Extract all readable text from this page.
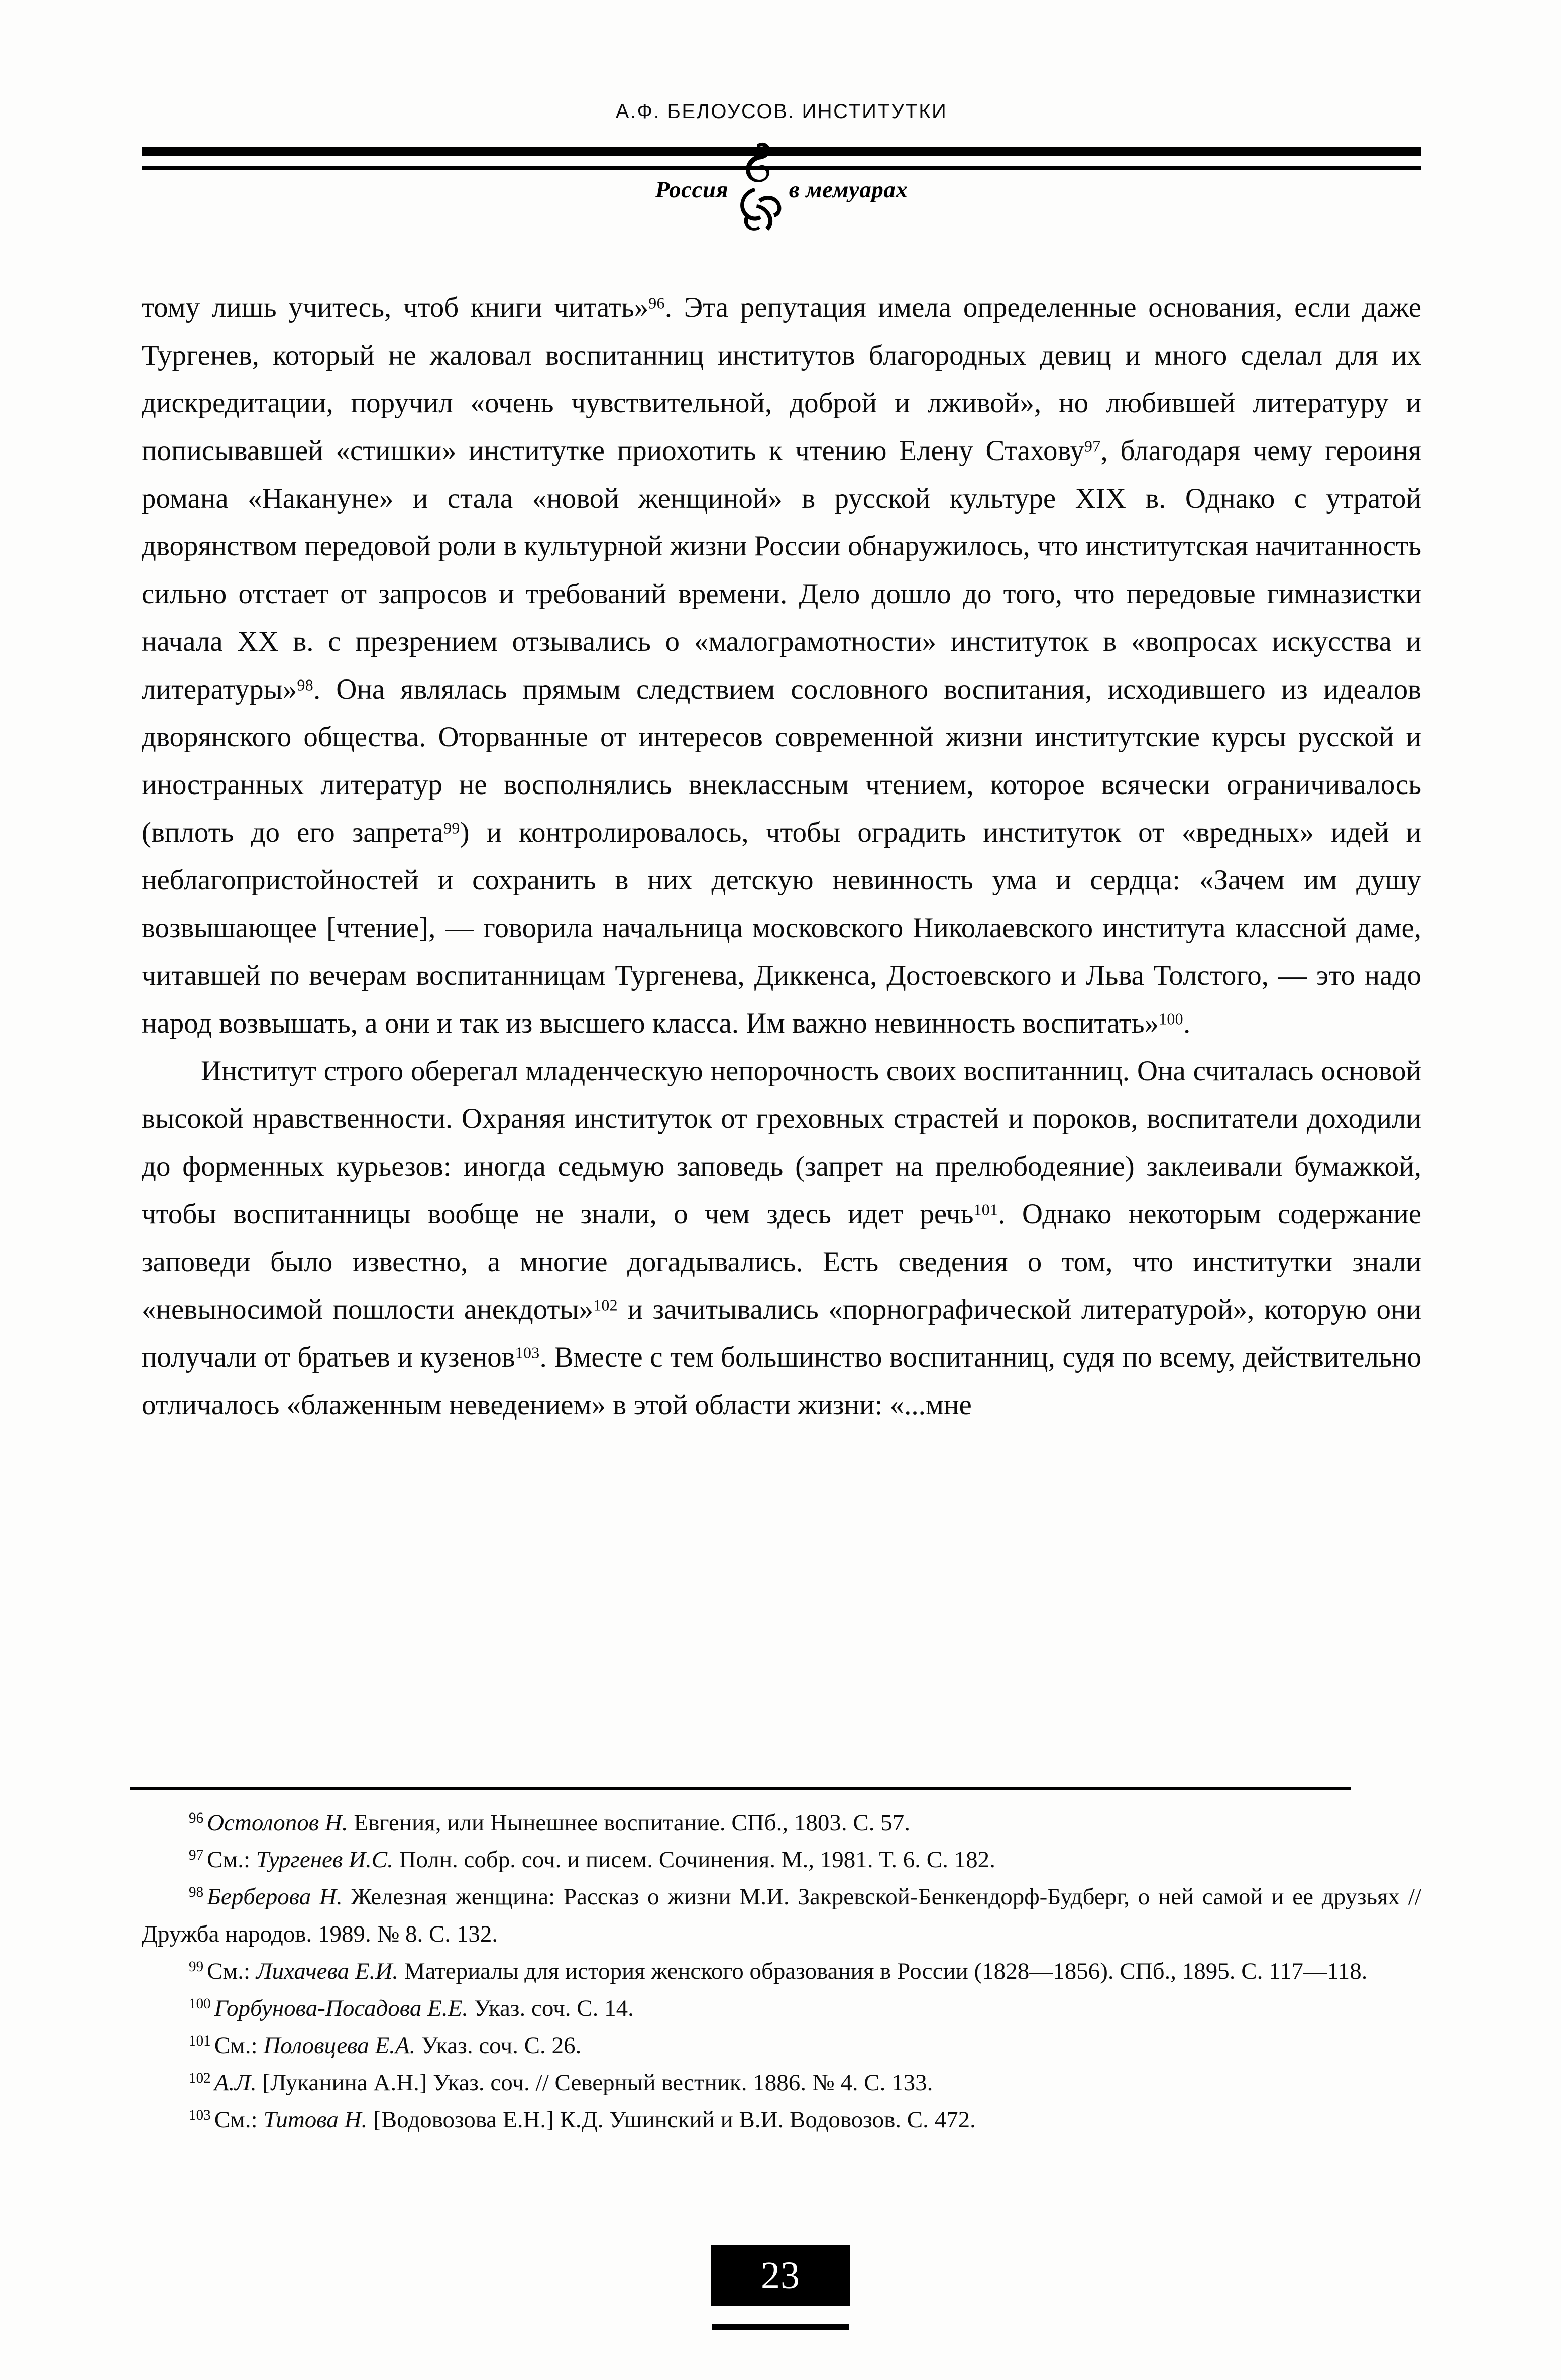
А.Ф. БЕЛОУСОВ. ИНСТИТУТКИ
Россия	в мемуарах

тому лишь учитесь, чтоб книги читать»$^{96}$. Эта репутация имела определенные основания, если даже Тургенев, который не жаловал воспитанниц институтов благородных девиц и много сделал для их дискредитации, поручил «очень чувствительной, доброй и лживой», но любившей литературу и пописывавшей «стишки» институтке приохотить к чтению Елену Стахову$^{97}$, благодаря чему героиня романа «Накануне» и стала «новой женщиной» в русской культуре XIX в. Однако с утратой дворянством передовой роли в культурной жизни России обнаружилось, что институтская начитанность сильно отстает от запросов и требований времени. Дело дошло до того, что передовые гимназистки начала XX в. с презрением отзывались о «малограмотности» институток в «вопросах искусства и литературы»$^{98}$. Она являлась прямым следствием сословного воспитания, исходившего из идеалов дворянского общества. Оторванные от интересов современной жизни институтские курсы русской и иностранных литератур не восполнялись внеклассным чтением, которое всячески ограничивалось (вплоть до его запрета$^{99}$) и контролировалось, чтобы оградить институток от «вредных» идей и неблагопристойностей и сохранить в них детскую невинность ума и сердца: «Зачем им душу возвышающее [чтение], — говорила начальница московского Николаевского института классной даме, читавшей по вечерам воспитанницам Тургенева, Диккенса, Достоевского и Льва Толстого, — это надо народ возвышать, а они и так из высшего класса. Им важно невинность воспитать»$^{100}$.

Институт строго оберегал младенческую непорочность своих воспитанниц. Она считалась основой высокой нравственности. Охраняя институток от греховных страстей и пороков, воспитатели доходили до форменных курьезов: иногда седьмую заповедь (запрет на прелюбодеяние) заклеивали бумажкой, чтобы воспитанницы вообще не знали, о чем здесь идет речь$^{101}$. Однако некоторым содержание заповеди было известно, а многие догадывались. Есть сведения о том, что институтки знали «невыносимой пошлости анекдоты»$^{102}$ и зачитывались «порнографической литературой», которую они получали от братьев и кузенов$^{103}$. Вместе с тем большинство воспитанниц, судя по всему, действительно отличалось «блаженным неведением» в этой области жизни: «...мне

$^{96}$ Остолопов Н. Евгения, или Нынешнее воспитание. СПб., 1803. С. 57.

$^{97}$ См.: Тургенев И.С. Полн. собр. соч. и писем. Сочинения. М., 1981. Т. 6. С. 182.

$^{98}$ Берберова Н. Железная женщина: Рассказ о жизни М.И. Закревской-Бенкендорф-Будберг, о ней самой и ее друзьях // Дружба народов. 1989. № 8. С. 132.

$^{99}$ См.: Лихачева Е.И. Материалы для история женского образования в России (1828—1856). СПб., 1895. С. 117—118.

$^{100}$ Горбунова-Посадова Е.Е. Указ. соч. С. 14.

$^{101}$ См.: Половцева Е.А. Указ. соч. С. 26.

$^{102}$ А.Л. [Луканина А.Н.] Указ. соч. // Северный вестник. 1886. № 4. С. 133.

$^{103}$ См.: Титова Н. [Водовозова Е.Н.] К.Д. Ушинский и В.И. Водовозов. С. 472.

23
